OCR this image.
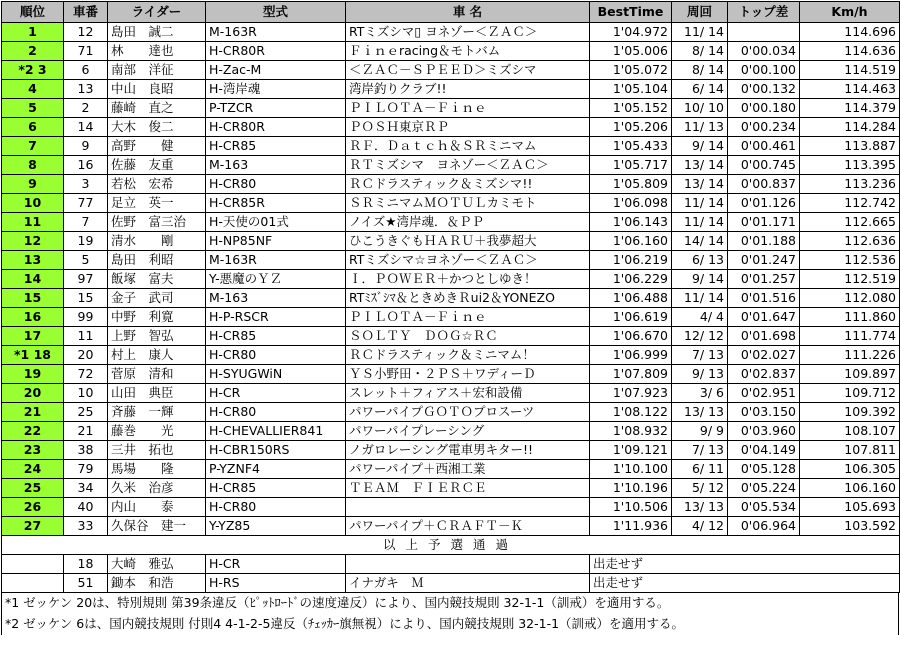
順位	車番	ライダー	型式	車 名	BestTime	周回	トップ差	Km/h
1	12	島田　誠二	M-163R	RTミズシマ▯ ヨネゾー＜ＺＡＣ＞	1'04.972	11/ 14		114.696
2	71	林　　達也	H-CR80R	Ｆｉｎｅracing＆モトバム	1'05.006	8/ 14	0'00.034	114.636
*2 3	6	南部　洋征	H-Zac-M	＜ＺＡＣ－ＳＰＥＥＤ＞ミズシマ	1'05.072	8/ 14	0'00.100	114.519
4	13	中山　良昭	H-湾岸魂	湾岸釣りクラブ!!	1'05.104	6/ 14	0'00.132	114.463
5	2	藤崎　直之	P-TZCR	ＰＩＬＯＴＡ－Ｆｉｎｅ	1'05.152	10/ 10	0'00.180	114.379
6	14	大木　俊二	H-CR80R	ＰＯＳＨ東京ＲＰ	1'05.206	11/ 13	0'00.234	114.284
7	9	高野　　健	H-CR85	ＲＦ．Ｄａｔｃｈ＆ＳＲミニマム	1'05.433	9/ 14	0'00.461	113.887
8	16	佐藤　友重	M-163	ＲＴミズシマ　ヨネゾー＜ＺＡＣ＞	1'05.717	13/ 14	0'00.745	113.395
9	3	若松　宏希	H-CR80	ＲＣドラスティック＆ミズシマ!!	1'05.809	13/ 14	0'00.837	113.236
10	77	足立　英一	H-CR85R	ＳＲミニマムＭＯＴＵＬカミモト	1'06.098	11/ 14	0'01.126	112.742
11	7	佐野　富三治	H-天使の01式	ノイズ★湾岸魂．＆ＰＰ	1'06.143	11/ 14	0'01.171	112.665
12	19	清水　　剛	H-NP85NF	ひこうきぐもＨＡＲＵ＋我夢超大	1'06.160	14/ 14	0'01.188	112.636
13	5	島田　利昭	M-163R	RTミズシマ☆ヨネゾー＜ＺＡＣ＞	1'06.219	6/ 13	0'01.247	112.536
14	97	飯塚　富夫	Y-悪魔のＹＺ	Ｉ．ＰＯＷＥＲ＋かつとしゆき！	1'06.229	9/ 14	0'01.257	112.519
15	15	金子　武司	M-163	RTﾐｽﾞｼﾏ＆ときめきＲui2＆YONEZO	1'06.488	11/ 14	0'01.516	112.080
16	99	中野　利寛	H-P-RSCR	ＰＩＬＯＴＡ－Ｆｉｎｅ	1'06.619	4/ 4	0'01.647	111.860
17	11	上野　智弘	H-CR85	ＳＯＬＴＹ　ＤＯＧ☆ＲＣ	1'06.670	12/ 12	0'01.698	111.774
*1 18	20	村上　康人	H-CR80	ＲＣドラスティック＆ミニマム！	1'06.999	7/ 13	0'02.027	111.226
19	72	菅原　清和	H-SYUGWiN	ＹＳ小野田・２ＰＳ＋ワディーＤ	1'07.809	9/ 13	0'02.837	109.897
20	10	山田　典臣	H-CR	スレット＋フィアス＋宏和設備	1'07.923	3/ 6	0'02.951	109.712
21	25	斉藤　一輝	H-CR80	パワーパイプＧＯＴＯプロスーツ	1'08.122	13/ 13	0'03.150	109.392
22	21	藤巻　　光	H-CHEVALLIER841	パワーパイプレーシング	1'08.932	9/ 9	0'03.960	108.107
23	38	三井　拓也	H-CBR150RS	ノガロレーシング電車男キター!!	1'09.121	7/ 13	0'04.149	107.811
24	79	馬場　　隆	P-YZNF4	パワーパイプ＋西湘工業	1'10.100	6/ 11	0'05.128	106.305
25	34	久米　治彦	H-CR85	ＴＥＡＭ　ＦＩＥＲＣＥ	1'10.196	5/ 12	0'05.224	106.160
26	40	内山　　泰	H-CR80		1'10.506	13/ 13	0'05.534	105.693
27	33	久保谷　建一	Y-YZ85	パワーパイプ＋ＣＲＡＦＴ－Ｋ	1'11.936	4/ 12	0'06.964	103.592
以上予選通過								
	18	大崎　雅弘	H-CR		出走せず			
	51	鋤本　和浩	H-RS	イナガキ　Ｍ	出走せず			
*1 ゼッケン 20は、特別規則 第39条違反（ﾋﾟｯﾄﾛｰﾄﾞの速度違反）により、国内競技規則 32-1-1（訓戒）を適用する。
*2 ゼッケン 6は、国内競技規則 付則4 4-1-2-5違反（ﾁｪｯｶｰ旗無視）により、国内競技規則 32-1-1（訓戒）を適用する。
